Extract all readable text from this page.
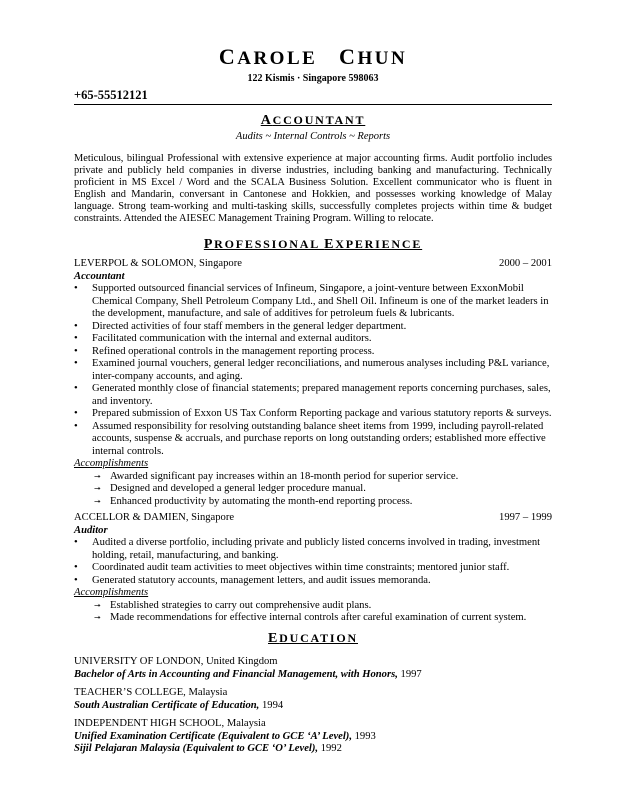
CAROLE CHUN
122 Kismis · Singapore 598063
+65-55512121
ACCOUNTANT
Audits ~ Internal Controls ~ Reports
Meticulous, bilingual Professional with extensive experience at major accounting firms. Audit portfolio includes private and publicly held companies in diverse industries, including banking and manufacturing. Technically proficient in MS Excel / Word and the SCALA Business Solution. Excellent communicator who is fluent in English and Mandarin, conversant in Cantonese and Hokkien, and possesses working knowledge of Malay language. Strong team-working and multi-tasking skills, successfully completes projects within time & budget constraints. Attended the AIESEC Management Training Program. Willing to relocate.
PROFESSIONAL EXPERIENCE
LEVERPOL & SOLOMON, Singapore	2000 – 2001
Accountant
• Supported outsourced financial services of Infineum, Singapore, a joint-venture between ExxonMobil Chemical Company, Shell Petroleum Company Ltd., and Shell Oil. Infineum is one of the market leaders in the development, manufacture, and sale of additives for petroleum fuels & lubricants.
• Directed activities of four staff members in the general ledger department.
• Facilitated communication with the internal and external auditors.
• Refined operational controls in the management reporting process.
• Examined journal vouchers, general ledger reconciliations, and numerous analyses including P&L variance, inter-company accounts, and aging.
• Generated monthly close of financial statements; prepared management reports concerning purchases, sales, and inventory.
• Prepared submission of Exxon US Tax Conform Reporting package and various statutory reports & surveys.
• Assumed responsibility for resolving outstanding balance sheet items from 1999, including payroll-related accounts, suspense & accruals, and purchase reports on long outstanding orders; established more effective internal controls.
Accomplishments
↠ Awarded significant pay increases within an 18-month period for superior service.
↠ Designed and developed a general ledger procedure manual.
↠ Enhanced productivity by automating the month-end reporting process.
ACCELLOR & DAMIEN, Singapore	1997 – 1999
Auditor
• Audited a diverse portfolio, including private and publicly listed concerns involved in trading, investment holding, retail, manufacturing, and banking.
• Coordinated audit team activities to meet objectives within time constraints; mentored junior staff.
• Generated statutory accounts, management letters, and audit issues memoranda.
Accomplishments
↠ Established strategies to carry out comprehensive audit plans.
↠ Made recommendations for effective internal controls after careful examination of current system.
EDUCATION
UNIVERSITY OF LONDON, United Kingdom
Bachelor of Arts in Accounting and Financial Management, with Honors, 1997
TEACHER’S COLLEGE, Malaysia
South Australian Certificate of Education, 1994
INDEPENDENT HIGH SCHOOL, Malaysia
Unified Examination Certificate (Equivalent to GCE ‘A’ Level), 1993
Sijil Pelajaran Malaysia (Equivalent to GCE ‘O’ Level), 1992
